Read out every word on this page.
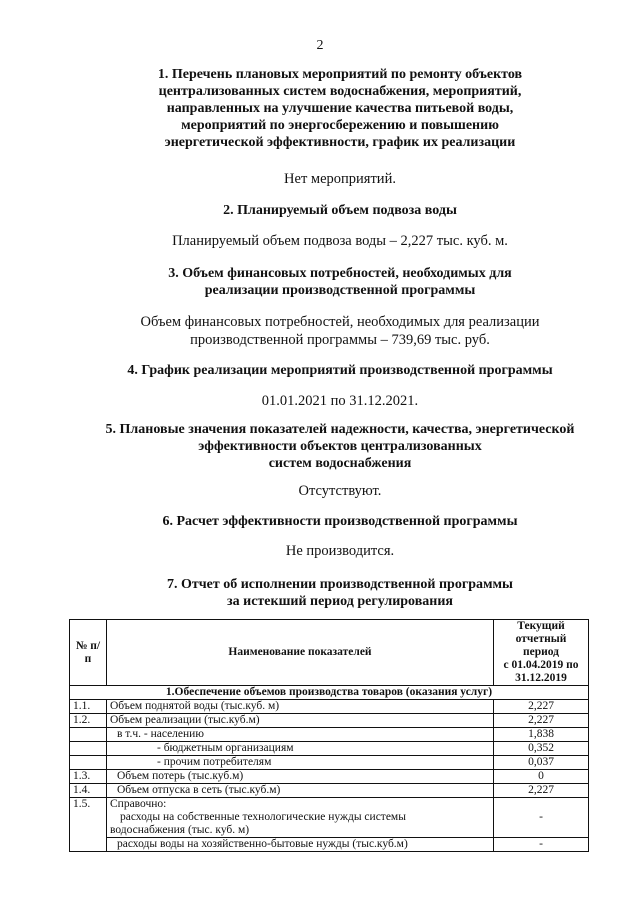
2
1. Перечень плановых мероприятий по ремонту объектов
централизованных систем водоснабжения, мероприятий,
направленных на улучшение качества питьевой воды,
мероприятий по энергосбережению и повышению
энергетической эффективности, график их реализации
Нет мероприятий.
2. Планируемый объем подвоза воды
Планируемый объем подвоза воды – 2,227 тыс. куб. м.
3. Объем финансовых потребностей, необходимых для
реализации производственной программы
Объем финансовых потребностей, необходимых для реализации
производственной программы – 739,69 тыс. руб.
4. График реализации мероприятий производственной программы
01.01.2021 по 31.12.2021.
5. Плановые значения показателей надежности, качества, энергетической
эффективности объектов централизованных
систем водоснабжения
Отсутствуют.
6. Расчет эффективности производственной программы
Не производится.
7. Отчет об исполнении производственной программы
за истекший период регулирования
№ п/п	Наименование показателей	Текущий
отчетный период
с 01.04.2019 по
31.12.2019

1.Обеспечение объемов производства товаров (оказания услуг)		
1.1.	Объем поднятой воды (тыс.куб. м)	2,227
1.2.	Объем реализации (тыс.куб.м)	2,227
	в т.ч. - населению	1,838
	- бюджетным организациям	0,352
	- прочим потребителям	0,037
1.3.	Объем потерь (тыс.куб.м)	0
1.4.	Объем отпуска в сеть (тыс.куб.м)	2,227
1.5.	Справочно:
расходы на собственные технологические нужды системы
водоснабжения (тыс. куб. м)	-
	расходы воды на хозяйственно-бытовые нужды (тыс.куб.м)	-
